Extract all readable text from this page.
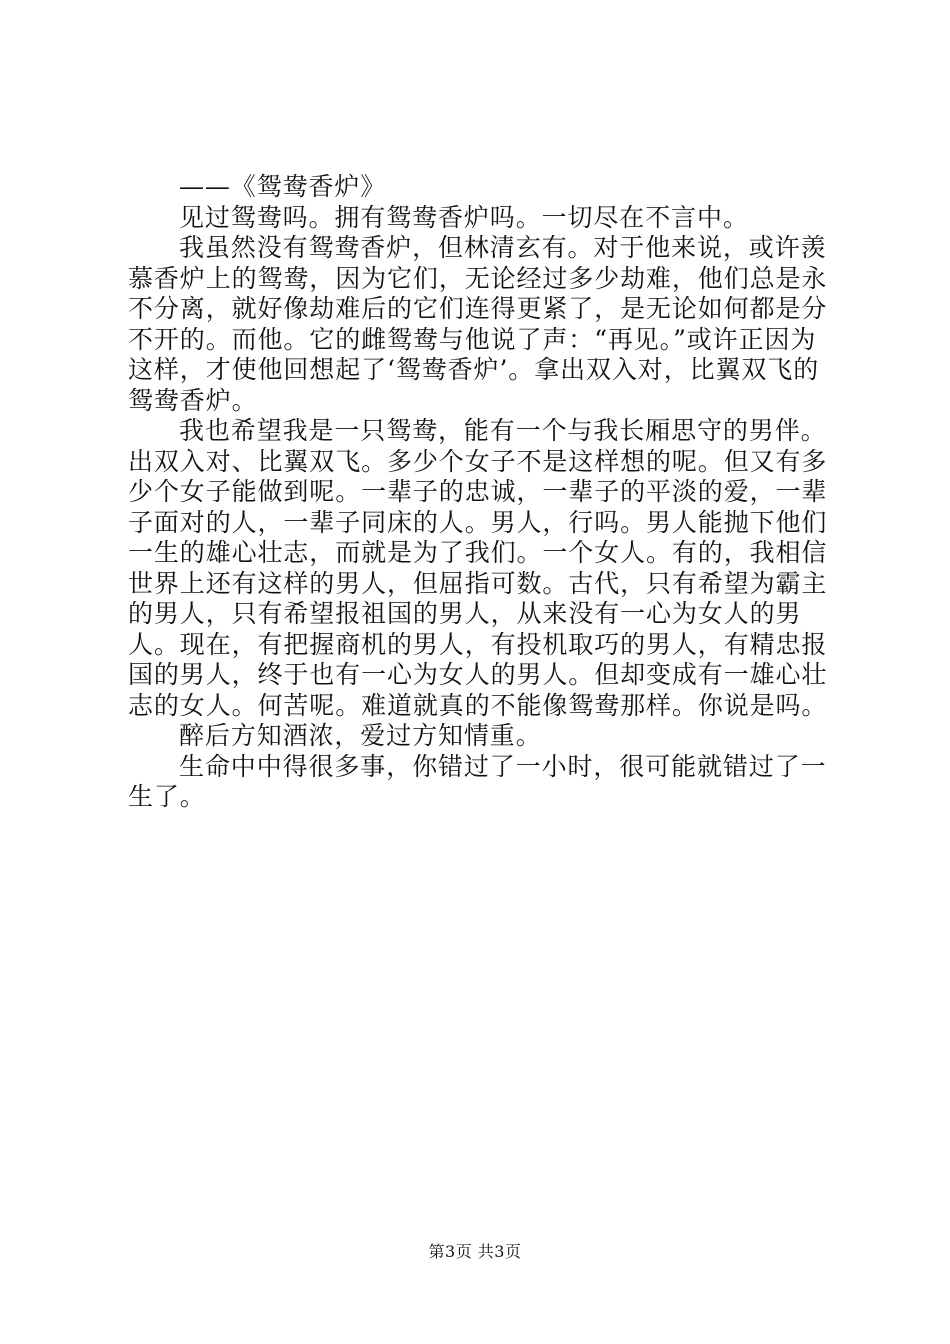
——《鸳鸯香炉》

见过鸳鸯吗。拥有鸳鸯香炉吗。一切尽在不言中。

我虽然没有鸳鸯香炉，但林清玄有。对于他来说，或许羡慕香炉上的鸳鸯，因为它们，无论经过多少劫难，他们总是永不分离，就好像劫难后的它们连得更紧了，是无论如何都是分不开的。而他。它的雌鸳鸯与他说了声：“再见。”或许正因为这样，才使他回想起了‘鸳鸯香炉’。拿出双入对，比翼双飞的鸳鸯香炉。

我也希望我是一只鸳鸯，能有一个与我长厢思守的男伴。出双入对、比翼双飞。多少个女子不是这样想的呢。但又有多少个女子能做到呢。一辈子的忠诚，一辈子的平淡的爱，一辈子面对的人，一辈子同床的人。男人，行吗。男人能抛下他们一生的雄心壮志，而就是为了我们。一个女人。有的，我相信世界上还有这样的男人，但屈指可数。古代，只有希望为霸主的男人，只有希望报祖国的男人，从来没有一心为女人的男人。现在，有把握商机的男人，有投机取巧的男人，有精忠报国的男人，终于也有一心为女人的男人。但却变成有一雄心壮志的女人。何苦呢。难道就真的不能像鸳鸯那样。你说是吗。

醉后方知酒浓，爱过方知情重。

生命中中得很多事，你错过了一小时，很可能就错过了一生了。

第3页 共3页
